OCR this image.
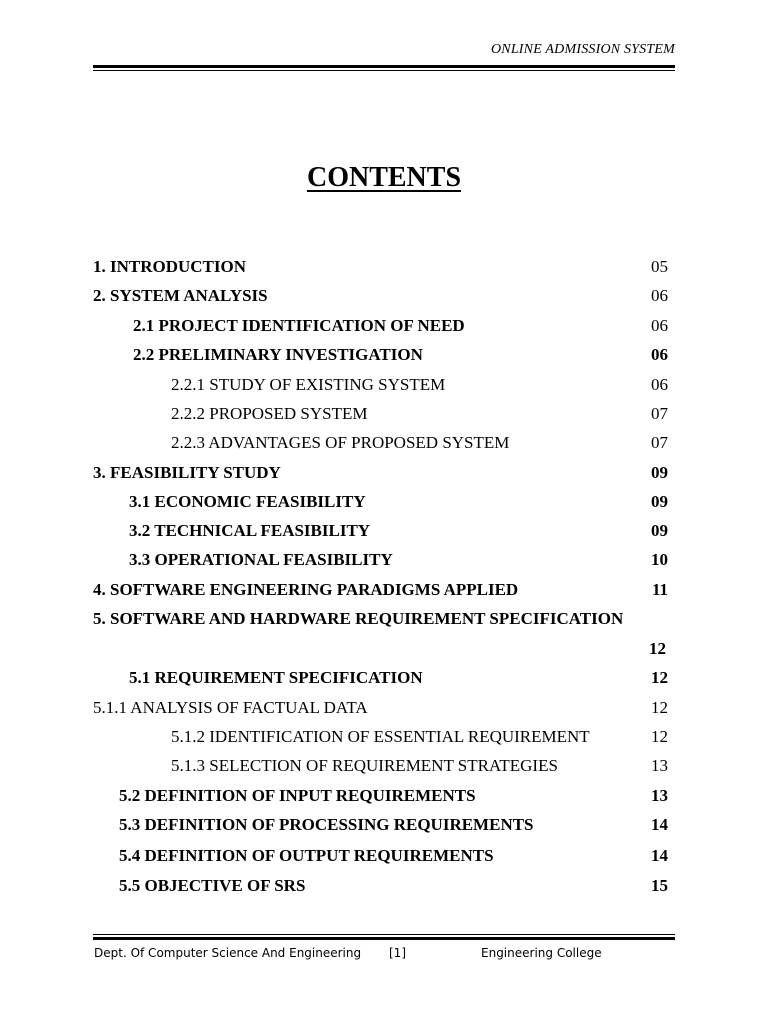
ONLINE ADMISSION SYSTEM
CONTENTS
1. INTRODUCTION	05
2. SYSTEM ANALYSIS	06
2.1 PROJECT IDENTIFICATION OF NEED	06
2.2 PRELIMINARY INVESTIGATION	06
2.2.1 STUDY OF EXISTING SYSTEM	06
2.2.2 PROPOSED SYSTEM	07
2.2.3 ADVANTAGES OF PROPOSED SYSTEM	07
3. FEASIBILITY STUDY	09
3.1 ECONOMIC FEASIBILITY	09
3.2 TECHNICAL FEASIBILITY	09
3.3 OPERATIONAL FEASIBILITY	10
4. SOFTWARE ENGINEERING PARADIGMS APPLIED	11
5. SOFTWARE AND HARDWARE REQUIREMENT SPECIFICATION
12
5.1 REQUIREMENT SPECIFICATION	12
5.1.1 ANALYSIS OF FACTUAL DATA	12
5.1.2 IDENTIFICATION OF ESSENTIAL REQUIREMENT	12
5.1.3 SELECTION OF REQUIREMENT STRATEGIES	13
5.2 DEFINITION OF INPUT REQUIREMENTS	13
5.3 DEFINITION OF PROCESSING REQUIREMENTS	14
5.4 DEFINITION OF OUTPUT REQUIREMENTS	14
5.5 OBJECTIVE OF SRS	15
Dept. Of Computer Science And Engineering [1]	Engineering College
